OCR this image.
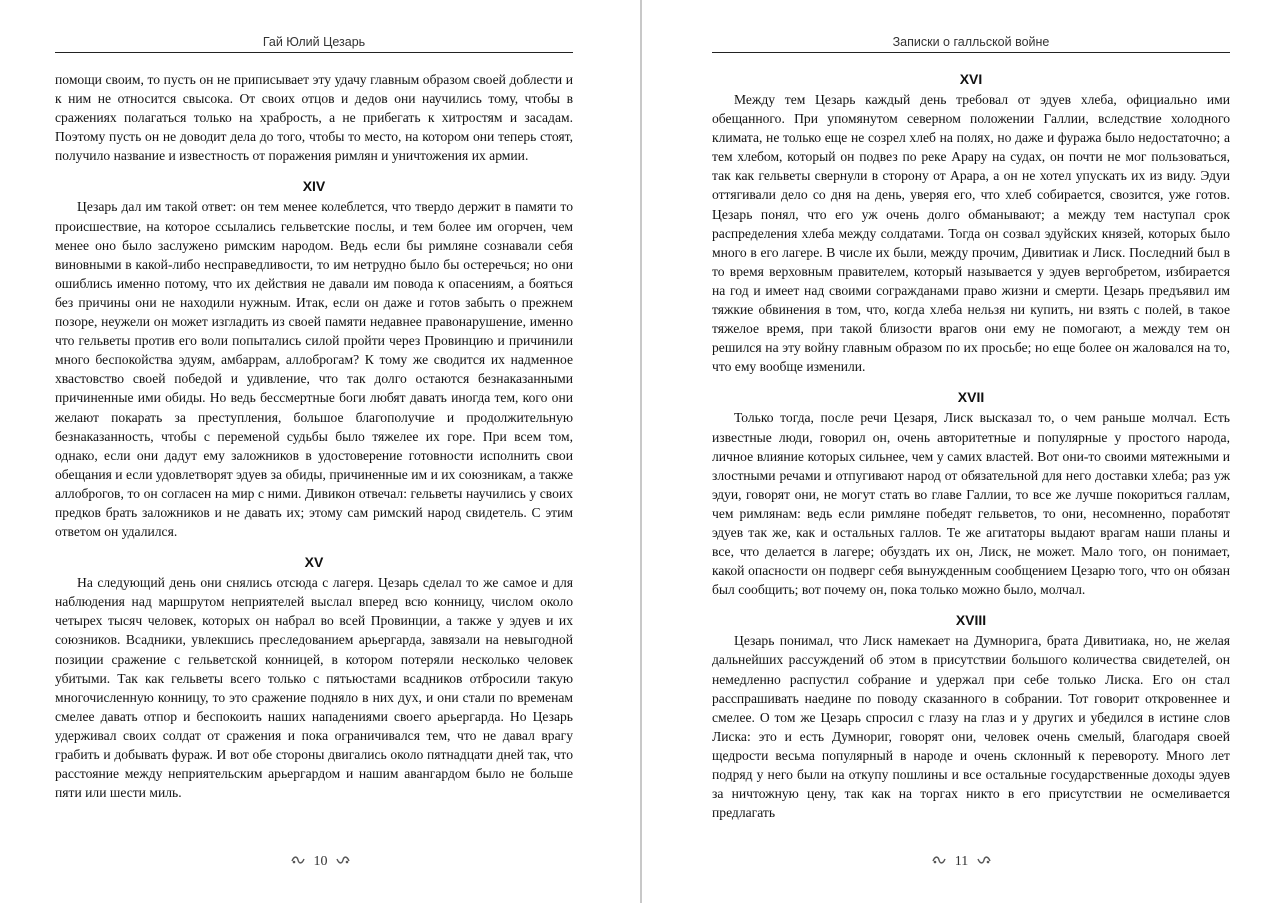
Гай Юлий Цезарь

помощи своим, то пусть он не приписывает эту удачу главным образом своей доблести и к ним не относится свысока. От своих отцов и дедов они научились тому, чтобы в сражениях полагаться только на храбрость, а не прибегать к хитростям и засадам. Поэтому пусть он не доводит дела до того, чтобы то место, на котором они теперь стоят, получило название и известность от поражения римлян и уничтожения их армии.

XIV

Цезарь дал им такой ответ: он тем менее колеблется, что твердо держит в памяти то происшествие, на которое ссылались гельветские послы, и тем более им огорчен, чем менее оно было заслужено римским народом. Ведь если бы римляне сознавали себя виновными в какой-либо несправедливости, то им нетрудно было бы остеречься; но они ошиблись именно потому, что их действия не давали им повода к опасениям, а бояться без причины они не находили нужным. Итак, если он даже и готов забыть о прежнем позоре, неужели он может изгладить из своей памяти недавнее правонарушение, именно что гельветы против его воли попытались силой пройти через Провинцию и причинили много беспокойства эдуям, амбаррам, аллоброгам? К тому же сводится их надменное хвастовство своей победой и удивление, что так долго остаются безнаказанными причиненные ими обиды. Но ведь бессмертные боги любят давать иногда тем, кого они желают покарать за преступления, большое благополучие и продолжительную безнаказанность, чтобы с переменой судьбы было тяжелее их горе. При всем том, однако, если они дадут ему заложников в удостоверение готовности исполнить свои обещания и если удовлетворят эдуев за обиды, причиненные им и их союзникам, а также аллоброгов, то он согласен на мир с ними. Дивикон отвечал: гельветы научились у своих предков брать заложников и не давать их; этому сам римский народ свидетель. С этим ответом он удалился.

XV

На следующий день они снялись отсюда с лагеря. Цезарь сделал то же самое и для наблюдения над маршрутом неприятелей выслал вперед всю конницу, числом около четырех тысяч человек, которых он набрал во всей Провинции, а также у эдуев и их союзников. Всадники, увлекшись преследованием арьергарда, завязали на невыгодной позиции сражение с гельветской конницей, в котором потеряли несколько человек убитыми. Так как гельветы всего только с пятьюстами всадников отбросили такую многочисленную конницу, то это сражение подняло в них дух, и они стали по временам смелее давать отпор и беспокоить наших нападениями своего арьергарда. Но Цезарь удерживал своих солдат от сражения и пока ограничивался тем, что не давал врагу грабить и добывать фураж. И вот обе стороны двигались около пятнадцати дней так, что расстояние между неприятельским арьергардом и нашим авангардом было не больше пяти или шести миль.

10
Записки о галльской войне
XVI

Между тем Цезарь каждый день требовал от эдуев хлеба, официально ими обещанного. При упомянутом северном положении Галлии, вследствие холодного климата, не только еще не созрел хлеб на полях, но даже и фуража было недостаточно; а тем хлебом, который он подвез по реке Арару на судах, он почти не мог пользоваться, так как гельветы свернули в сторону от Арара, а он не хотел упускать их из виду. Эдуи оттягивали дело со дня на день, уверяя его, что хлеб собирается, свозится, уже готов. Цезарь понял, что его уж очень долго обманывают; а между тем наступал срок распределения хлеба между солдатами. Тогда он созвал эдуйских князей, которых было много в его лагере. В числе их были, между прочим, Дивитиак и Лиск. Последний был в то время верховным правителем, который называется у эдуев вергобретом, избирается на год и имеет над своими согражданами право жизни и смерти. Цезарь предъявил им тяжкие обвинения в том, что, когда хлеба нельзя ни купить, ни взять с полей, в такое тяжелое время, при такой близости врагов они ему не помогают, а между тем он решился на эту войну главным образом по их просьбе; но еще более он жаловался на то, что ему вообще изменили.

XVII

Только тогда, после речи Цезаря, Лиск высказал то, о чем раньше молчал. Есть известные люди, говорил он, очень авторитетные и популярные у простого народа, личное влияние которых сильнее, чем у самих властей. Вот они-то своими мятежными и злостными речами и отпугивают народ от обязательной для него доставки хлеба; раз уж эдуи, говорят они, не могут стать во главе Галлии, то все же лучше покориться галлам, чем римлянам: ведь если римляне победят гельветов, то они, несомненно, поработят эдуев так же, как и остальных галлов. Те же агитаторы выдают врагам наши планы и все, что делается в лагере; обуздать их он, Лиск, не может. Мало того, он понимает, какой опасности он подверг себя вынужденным сообщением Цезарю того, что он обязан был сообщить; вот почему он, пока только можно было, молчал.

XVIII

Цезарь понимал, что Лиск намекает на Думнорига, брата Дивитиака, но, не желая дальнейших рассуждений об этом в присутствии большого количества свидетелей, он немедленно распустил собрание и удержал при себе только Лиска. Его он стал расспрашивать наедине по поводу сказанного в собрании. Тот говорит откровеннее и смелее. О том же Цезарь спросил с глазу на глаз и у других и убедился в истине слов Лиска: это и есть Думнориг, говорят они, человек очень смелый, благодаря своей щедрости весьма популярный в народе и очень склонный к перевороту. Много лет подряд у него были на откупу пошлины и все остальные государственные доходы эдуев за ничтожную цену, так как на торгах никто в его присутствии не осмеливается предлагать

11
